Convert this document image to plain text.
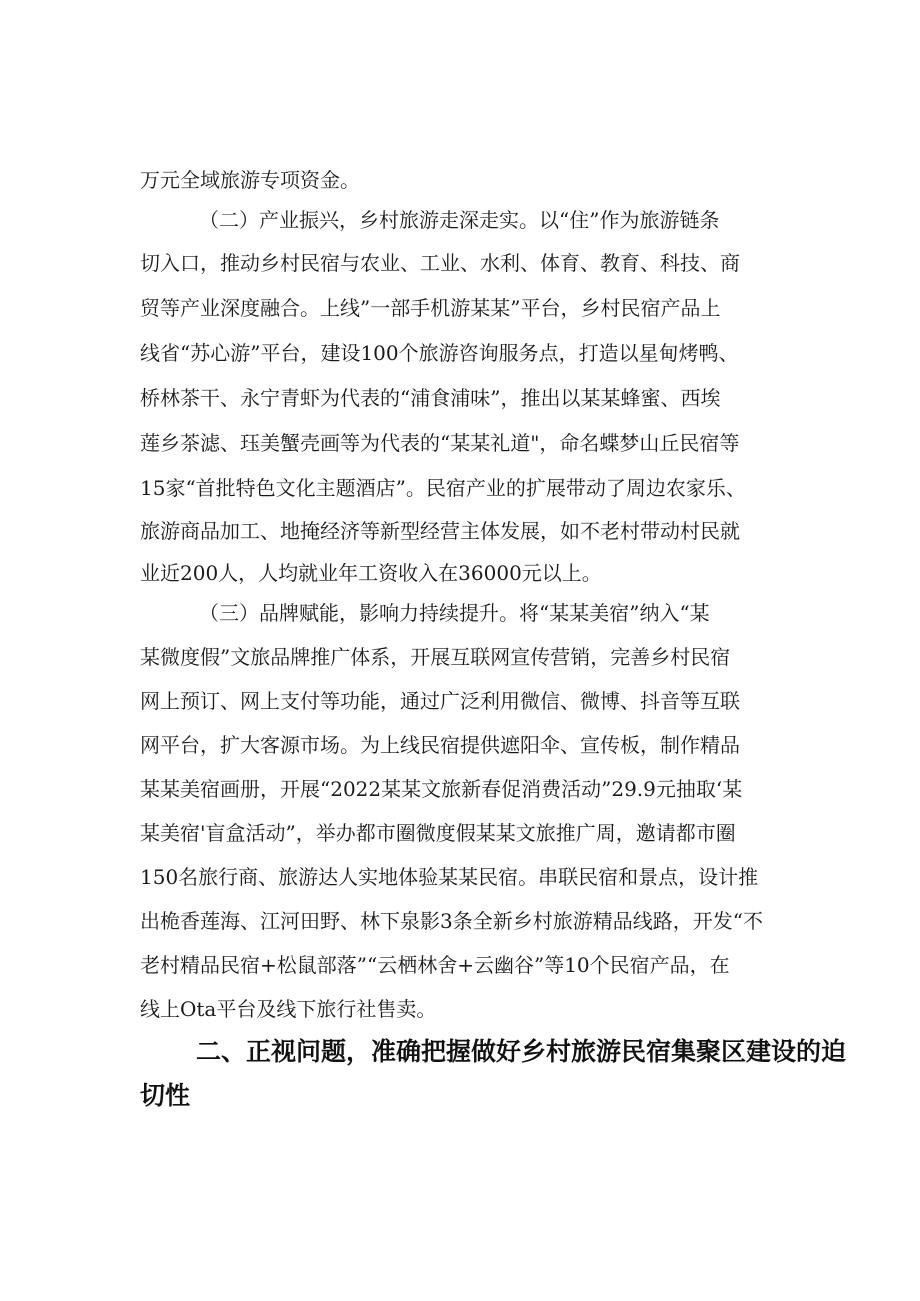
万元全域旅游专项资金。
（二）产业振兴，乡村旅游走深走实。以“住”作为旅游链条
切入口，推动乡村民宿与农业、工业、水利、体育、教育、科技、商
贸等产业深度融合。上线”一部手机游某某”平台，乡村民宿产品上
线省“苏心游”平台，建设100个旅游咨询服务点，打造以星甸烤鸭、
桥林茶干、永宁青虾为代表的“浦食浦味”，推出以某某蜂蜜、西埃
莲乡茶滤、珏美蟹壳画等为代表的“某某礼道"，命名蝶梦山丘民宿等
15家“首批特色文化主题酒店”。民宿产业的扩展带动了周边农家乐、
旅游商品加工、地掩经济等新型经营主体发展，如不老村带动村民就
业近200人，人均就业年工资收入在36000元以上。
（三）品牌赋能，影响力持续提升。将“某某美宿”纳入“某
某微度假”文旅品牌推广体系，开展互联网宣传营销，完善乡村民宿
网上预订、网上支付等功能，通过广泛利用微信、微博、抖音等互联
网平台，扩大客源市场。为上线民宿提供遮阳伞、宣传板，制作精品
某某美宿画册，开展“2022某某文旅新春促消费活动”29.9元抽取‘某
某美宿'盲盒活动”，举办都市圈微度假某某文旅推广周，邀请都市圈
150名旅行商、旅游达人实地体验某某民宿。串联民宿和景点，设计推
出桅香莲海、江河田野、林下泉影3条全新乡村旅游精品线路，开发“不
老村精品民宿+松鼠部落”“云栖林舍+云幽谷”等10个民宿产品，在
线上Ota平台及线下旅行社售卖。
二、正视问题，准确把握做好乡村旅游民宿集聚区建设的迫
切性
